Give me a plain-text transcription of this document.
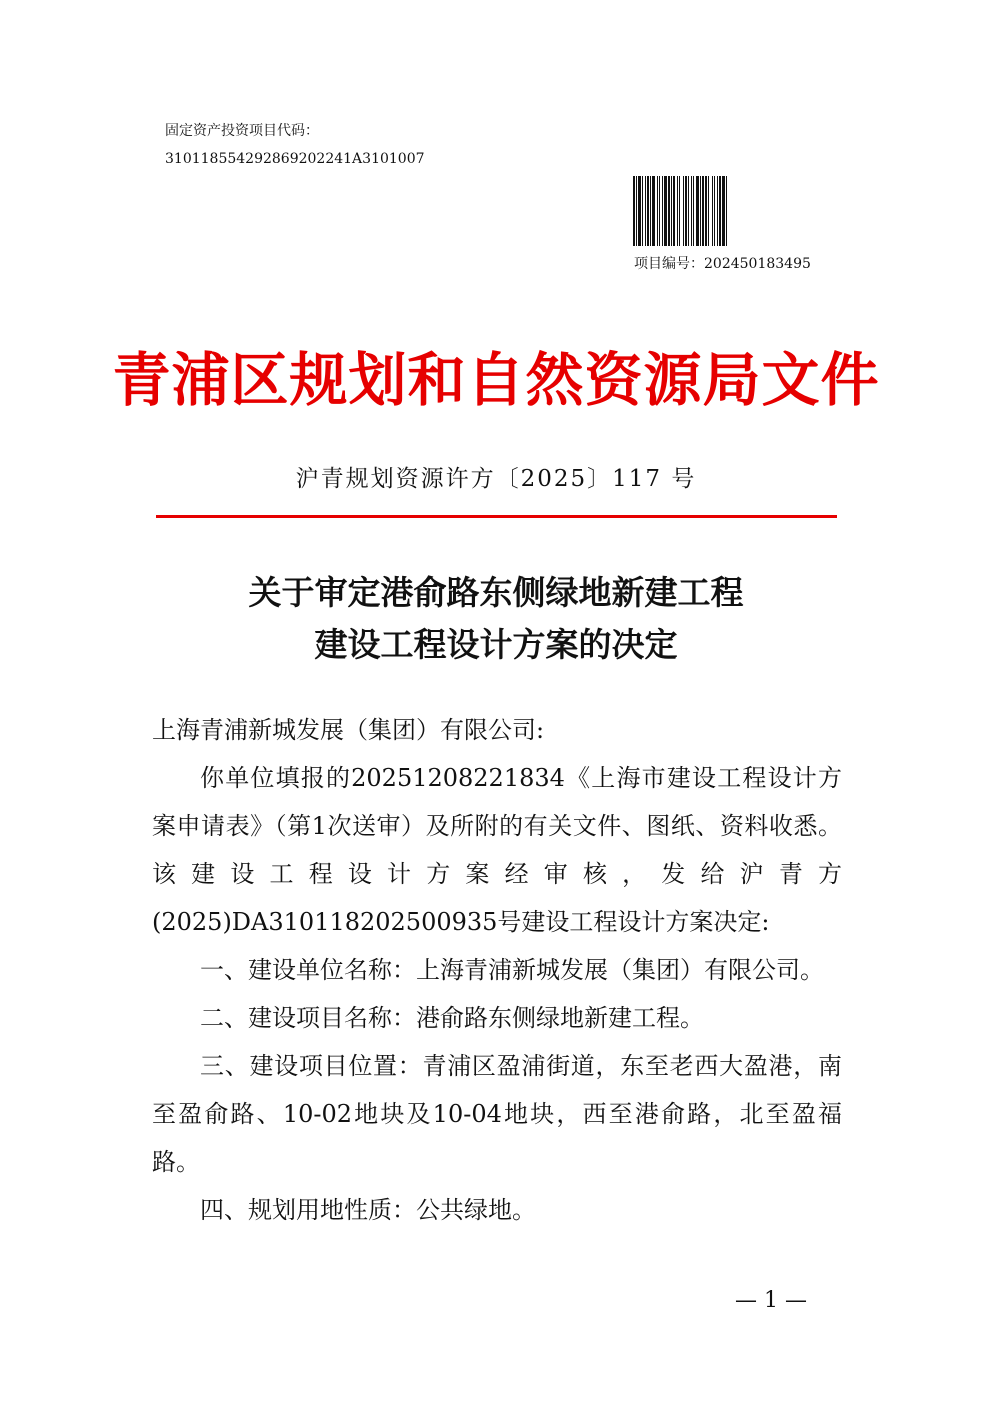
固定资产投资项目代码：
310118554292869202241A3101007
项目编号：202450183495
青浦区规划和自然资源局文件
沪青规划资源许方〔2025〕117 号
关于审定港俞路东侧绿地新建工程
建设工程设计方案的决定

上海青浦新城发展（集团）有限公司:

你单位填报的20251208221834《上海市建设工程设计方案申请表》（第1次送审）及所附的有关文件、图纸、资料收悉。该建设工程设计方案经审核，发给沪青方(2025)DA310118202500935号建设工程设计方案决定:

一、建设单位名称：上海青浦新城发展（集团）有限公司。

二、建设项目名称：港俞路东侧绿地新建工程。

三、建设项目位置：青浦区盈浦街道，东至老西大盈港，南至盈俞路、10-02地块及10-04地块，西至港俞路，北至盈福路。

四、规划用地性质：公共绿地。

— 1 —
